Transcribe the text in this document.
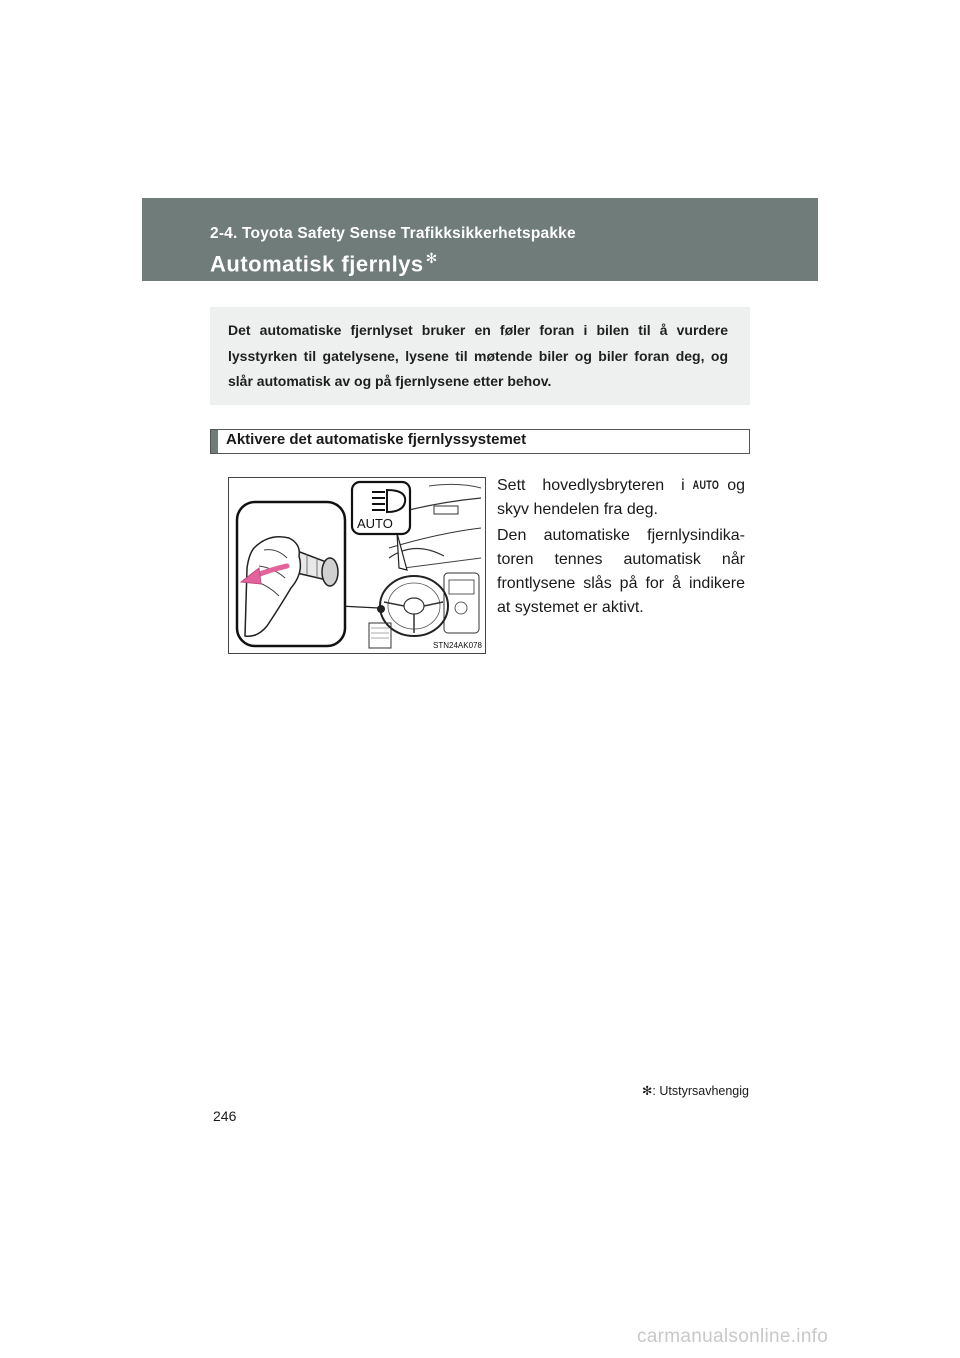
2-4. Toyota Safety Sense Trafikksikkerhetspakke
Automatisk fjernlys ✻
Det automatiske fjernlyset bruker en føler foran i bilen til å vurdere lysstyrken til gatelysene, lysene til møtende biler og biler foran deg, og slår automatisk av og på fjernlysene etter behov.
Aktivere det automatiske fjernlyssystemet
AUTO
STN24AK078
Sett hovedlysbryteren i AUTO og skyv hendelen fra deg.
Den automatiske fjernlysindika-toren tennes automatisk når frontlysene slås på for å indikere at systemet er aktivt.
✻: Utstyrsavhengig
246
carmanualsonline.info
